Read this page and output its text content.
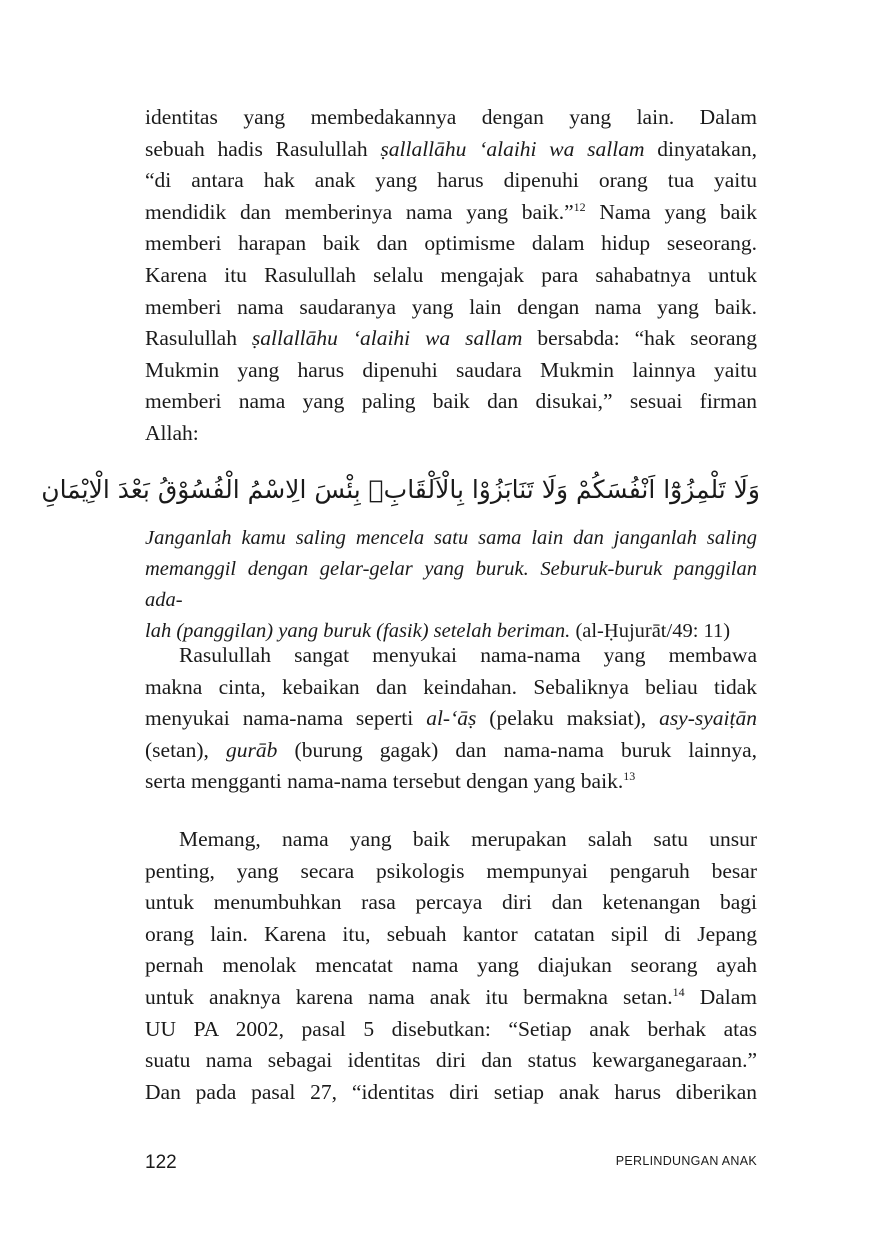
identitas yang membedakannya dengan yang lain. Dalam
sebuah hadis Rasulullah ṣallallāhu ‘alaihi wa sallam dinyatakan,
“di antara hak anak yang harus dipenuhi orang tua yaitu
mendidik dan memberinya nama yang baik.”$^{12}$ Nama yang baik
memberi harapan baik dan optimisme dalam hidup seseorang.
Karena itu Rasulullah selalu mengajak para sahabatnya untuk
memberi nama saudaranya yang lain dengan nama yang baik.
Rasulullah ṣallallāhu ‘alaihi wa sallam bersabda: “hak seorang
Mukmin yang harus dipenuhi saudara Mukmin lainnya yaitu
memberi nama yang paling baik dan disukai,” sesuai firman
Allah:
وَلَا تَلْمِزُوْٓا اَنْفُسَكُمْ وَلَا تَنَابَزُوْا بِالْاَلْقَابِۗ بِئْسَ الِاسْمُ الْفُسُوْقُ بَعْدَ الْاِيْمَانِ
Janganlah kamu saling mencela satu sama lain dan janganlah saling
memanggil dengan gelar-gelar yang buruk. Seburuk-buruk panggilan ada-
lah (panggilan) yang buruk (fasik) setelah beriman. (al-Ḥujurāt/49: 11)
Rasulullah sangat menyukai nama-nama yang membawa
makna cinta, kebaikan dan keindahan. Sebaliknya beliau tidak
menyukai nama-nama seperti al-‘āṣ (pelaku maksiat), asy-syaiṭān
(setan), gurāb (burung gagak) dan nama-nama buruk lainnya,
serta mengganti nama-nama tersebut dengan yang baik.$^{13}$
Memang, nama yang baik merupakan salah satu unsur
penting, yang secara psikologis mempunyai pengaruh besar
untuk menumbuhkan rasa percaya diri dan ketenangan bagi
orang lain. Karena itu, sebuah kantor catatan sipil di Jepang
pernah menolak mencatat nama yang diajukan seorang ayah
untuk anaknya karena nama anak itu bermakna setan.$^{14}$ Dalam
UU PA 2002, pasal 5 disebutkan: “Setiap anak berhak atas
suatu nama sebagai identitas diri dan status kewarganegaraan.”
Dan pada pasal 27, “identitas diri setiap anak harus diberikan
122	PERLINDUNGAN ANAK
